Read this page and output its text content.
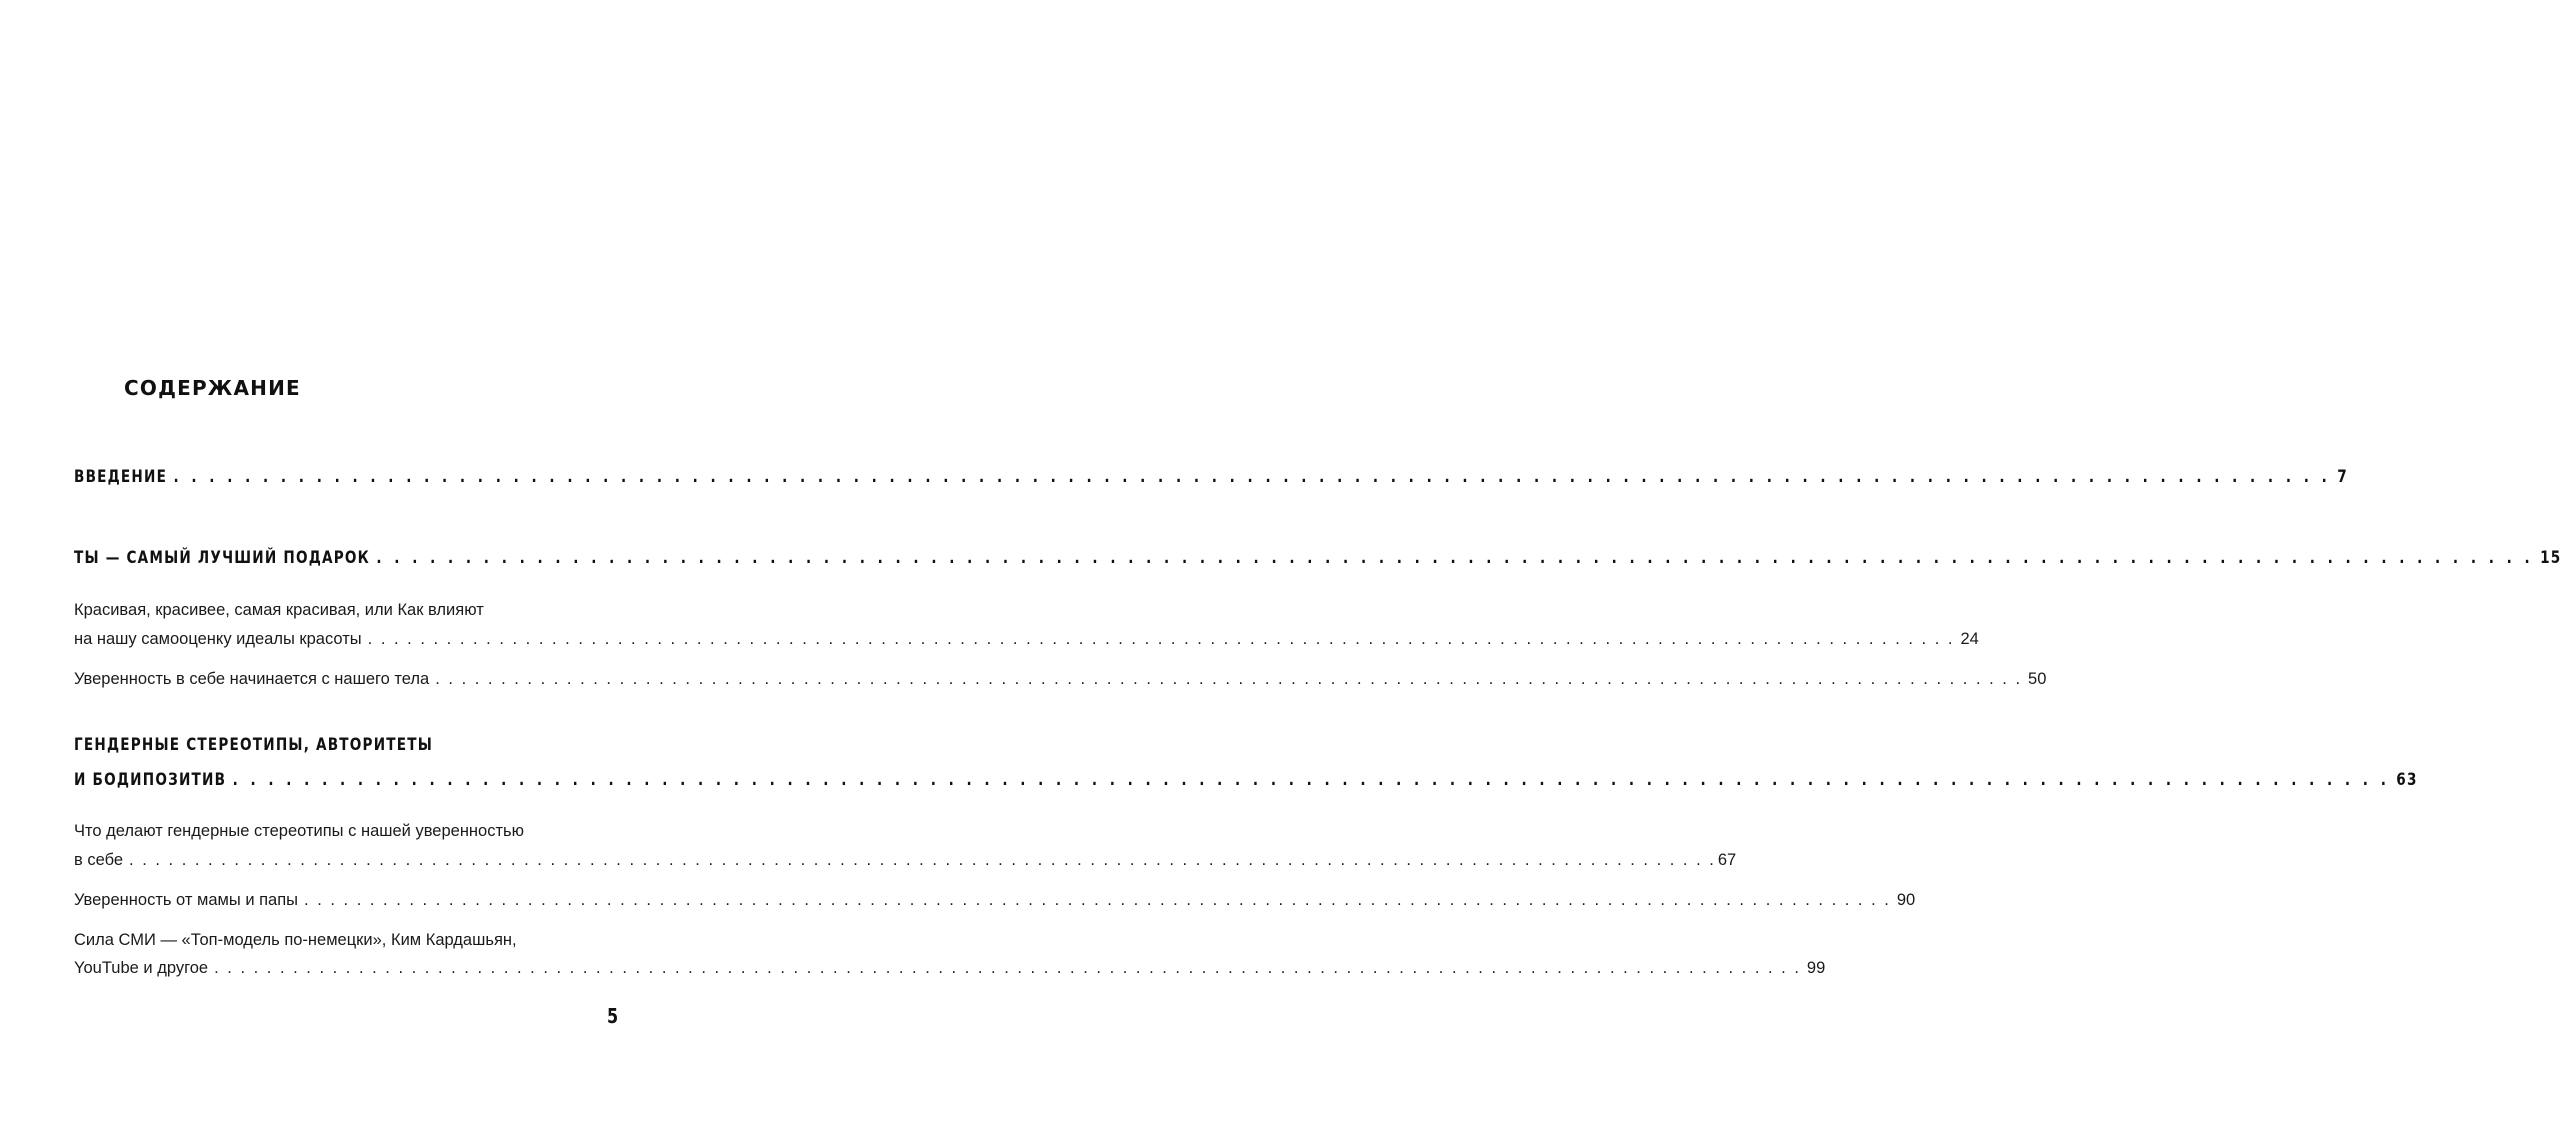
СОДЕРЖАНИЕ
ВВЕДЕНИЕ . . . . . . . . . . . . . . . . . . . . . . . . . . . . . . . . . . . . . . . . . . . . . . . . . . . . . . . . . . . . . . . . . . . . . . . . . . . . . . . . . . . . . . . . . . . . . . . . . . . . . . . . . . . . . . . . . . . . . . . . . 7
ТЫ — САМЫЙ ЛУЧШИЙ ПОДАРОК . . . . . . . . . . . . . . . . . . . . . . . . . . . . . . . . . . . . . . . . . . . . . . . . . . . . . . . . . . . . . . . . . . . . . . . . . . . . . . . . . . . . . . . . . . . . . . . . . . . . . . . . . . . . . . . . . . . . . . . . . 15
Красивая, красивее, самая красивая, или Как влияют
на нашу самооценку идеалы красоты . . . . . . . . . . . . . . . . . . . . . . . . . . . . . . . . . . . . . . . . . . . . . . . . . . . . . . . . . . . . . . . . . . . . . . . . . . . . . . . . . . . . . . . . . . . . . . . . . . . . . . . . . . . . . . . . . . . . . . . . . 24
Уверенность в себе начинается с нашего тела . . . . . . . . . . . . . . . . . . . . . . . . . . . . . . . . . . . . . . . . . . . . . . . . . . . . . . . . . . . . . . . . . . . . . . . . . . . . . . . . . . . . . . . . . . . . . . . . . . . . . . . . . . . . . . . . . . . . . . . . . 50
ГЕНДЕРНЫЕ СТЕРЕОТИПЫ, АВТОРИТЕТЫ
И БОДИПОЗИТИВ . . . . . . . . . . . . . . . . . . . . . . . . . . . . . . . . . . . . . . . . . . . . . . . . . . . . . . . . . . . . . . . . . . . . . . . . . . . . . . . . . . . . . . . . . . . . . . . . . . . . . . . . . . . . . . . . . . . . . . . . . 63
Что делают гендерные стереотипы с нашей уверенностью
в себе . . . . . . . . . . . . . . . . . . . . . . . . . . . . . . . . . . . . . . . . . . . . . . . . . . . . . . . . . . . . . . . . . . . . . . . . . . . . . . . . . . . . . . . . . . . . . . . . . . . . . . . . . . . . . . . . . . . . . . . . . 67
Уверенность от мамы и папы . . . . . . . . . . . . . . . . . . . . . . . . . . . . . . . . . . . . . . . . . . . . . . . . . . . . . . . . . . . . . . . . . . . . . . . . . . . . . . . . . . . . . . . . . . . . . . . . . . . . . . . . . . . . . . . . . . . . . . . . . 90
Сила СМИ — «Топ-модель по-немецки», Ким Кардашьян,
YouTube и другое . . . . . . . . . . . . . . . . . . . . . . . . . . . . . . . . . . . . . . . . . . . . . . . . . . . . . . . . . . . . . . . . . . . . . . . . . . . . . . . . . . . . . . . . . . . . . . . . . . . . . . . . . . . . . . . . . . . . . . . . . 99
5
